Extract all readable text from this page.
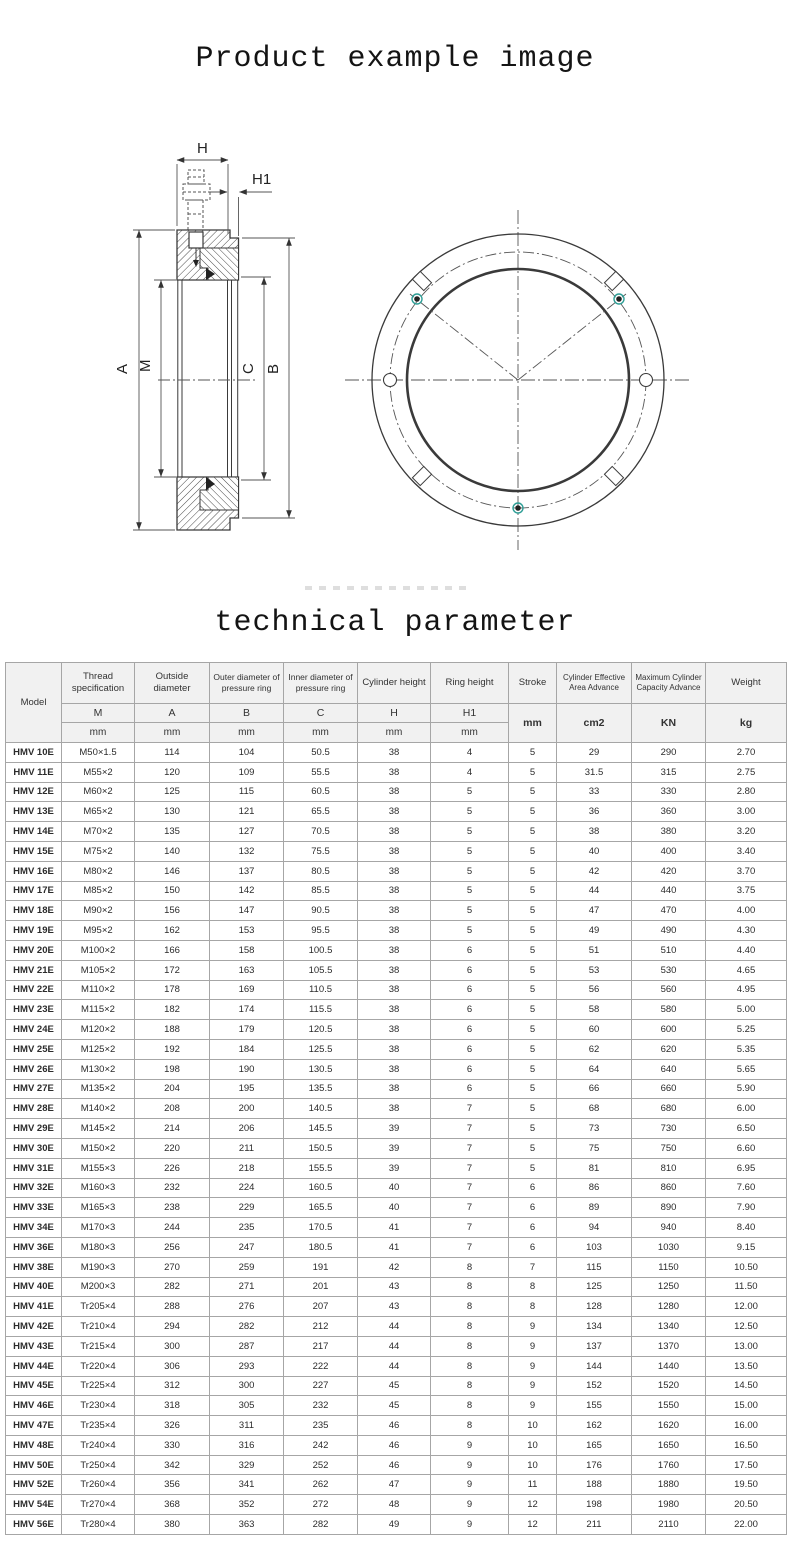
Product example image
H
H1
A M	C B
technical parameter
Model	Thread specification	Outside diameter	Outer diameter of pressure ring	Inner diameter of pressure ring	Cylinder height	Ring height	Stroke	Cylinder Effective Area Advance	Maximum Cylinder Capacity Advance	Weight
	M	A	B	C	H	H1	mm	cm2	KN	kg
	mm	mm	mm	mm	mm	mm				
HMV 10E	M50×1.5	114	104	50.5	38	4	5	29	290	2.70
HMV 11E	M55×2	120	109	55.5	38	4	5	31.5	315	2.75
HMV 12E	M60×2	125	115	60.5	38	5	5	33	330	2.80
HMV 13E	M65×2	130	121	65.5	38	5	5	36	360	3.00
HMV 14E	M70×2	135	127	70.5	38	5	5	38	380	3.20
HMV 15E	M75×2	140	132	75.5	38	5	5	40	400	3.40
HMV 16E	M80×2	146	137	80.5	38	5	5	42	420	3.70
HMV 17E	M85×2	150	142	85.5	38	5	5	44	440	3.75
HMV 18E	M90×2	156	147	90.5	38	5	5	47	470	4.00
HMV 19E	M95×2	162	153	95.5	38	5	5	49	490	4.30
HMV 20E	M100×2	166	158	100.5	38	6	5	51	510	4.40
HMV 21E	M105×2	172	163	105.5	38	6	5	53	530	4.65
HMV 22E	M110×2	178	169	110.5	38	6	5	56	560	4.95
HMV 23E	M115×2	182	174	115.5	38	6	5	58	580	5.00
HMV 24E	M120×2	188	179	120.5	38	6	5	60	600	5.25
HMV 25E	M125×2	192	184	125.5	38	6	5	62	620	5.35
HMV 26E	M130×2	198	190	130.5	38	6	5	64	640	5.65
HMV 27E	M135×2	204	195	135.5	38	6	5	66	660	5.90
HMV 28E	M140×2	208	200	140.5	38	7	5	68	680	6.00
HMV 29E	M145×2	214	206	145.5	39	7	5	73	730	6.50
HMV 30E	M150×2	220	211	150.5	39	7	5	75	750	6.60
HMV 31E	M155×3	226	218	155.5	39	7	5	81	810	6.95
HMV 32E	M160×3	232	224	160.5	40	7	6	86	860	7.60
HMV 33E	M165×3	238	229	165.5	40	7	6	89	890	7.90
HMV 34E	M170×3	244	235	170.5	41	7	6	94	940	8.40
HMV 36E	M180×3	256	247	180.5	41	7	6	103	1030	9.15
HMV 38E	M190×3	270	259	191	42	8	7	115	1150	10.50
HMV 40E	M200×3	282	271	201	43	8	8	125	1250	11.50
HMV 41E	Tr205×4	288	276	207	43	8	8	128	1280	12.00
HMV 42E	Tr210×4	294	282	212	44	8	9	134	1340	12.50
HMV 43E	Tr215×4	300	287	217	44	8	9	137	1370	13.00
HMV 44E	Tr220×4	306	293	222	44	8	9	144	1440	13.50
HMV 45E	Tr225×4	312	300	227	45	8	9	152	1520	14.50
HMV 46E	Tr230×4	318	305	232	45	8	9	155	1550	15.00
HMV 47E	Tr235×4	326	311	235	46	8	10	162	1620	16.00
HMV 48E	Tr240×4	330	316	242	46	9	10	165	1650	16.50
HMV 50E	Tr250×4	342	329	252	46	9	10	176	1760	17.50
HMV 52E	Tr260×4	356	341	262	47	9	11	188	1880	19.50
HMV 54E	Tr270×4	368	352	272	48	9	12	198	1980	20.50
HMV 56E	Tr280×4	380	363	282	49	9	12	211	2110	22.00
